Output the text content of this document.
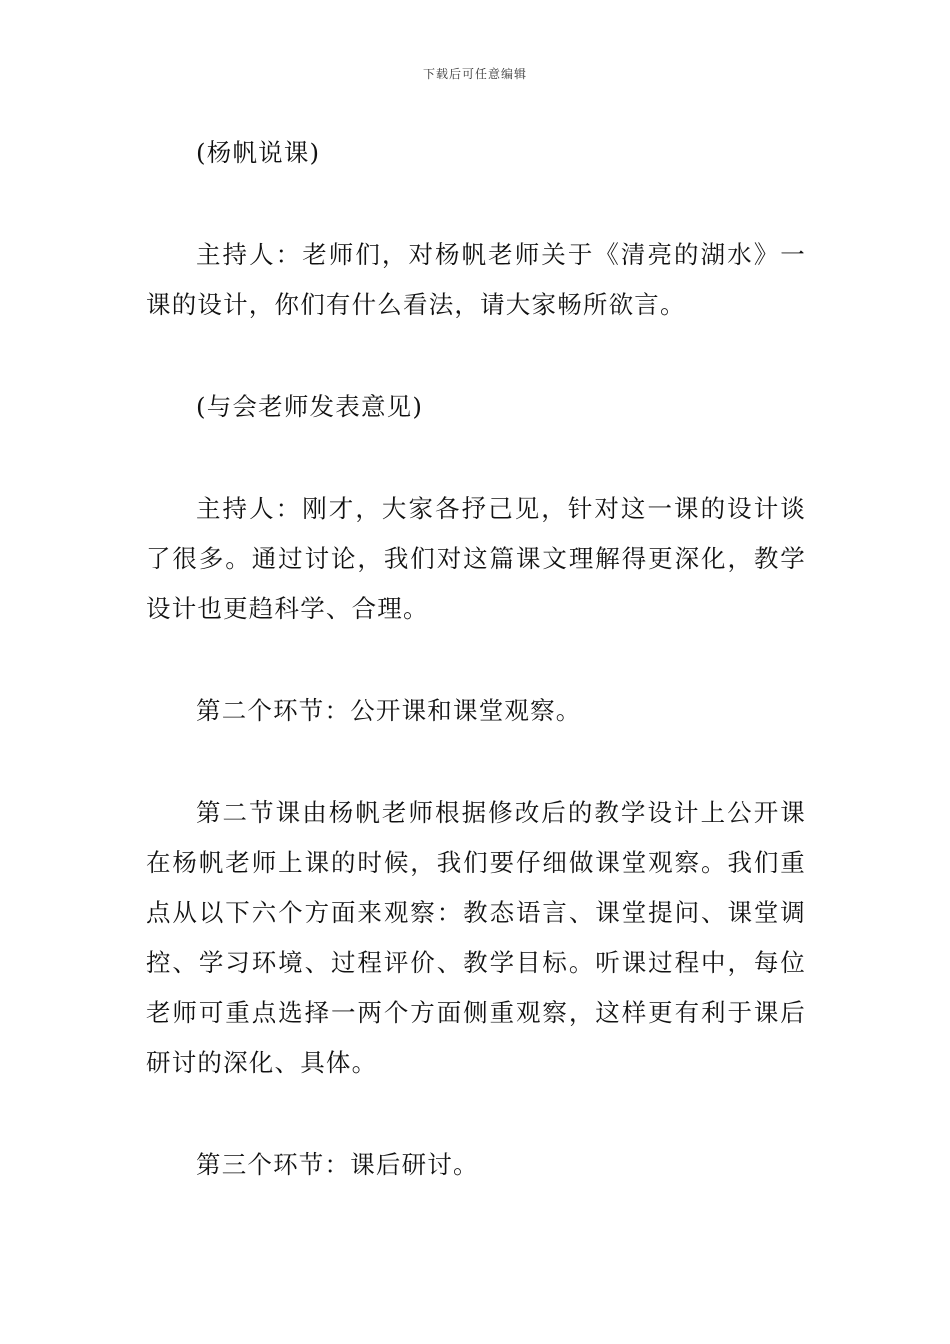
下载后可任意编辑

(杨帆说课)

主持人：老师们，对杨帆老师关于《清亮的湖水》一课的设计，你们有什么看法，请大家畅所欲言。

(与会老师发表意见)

主持人：刚才，大家各抒己见，针对这一课的设计谈了很多。通过讨论，我们对这篇课文理解得更深化，教学设计也更趋科学、合理。

第二个环节：公开课和课堂观察。

第二节课由杨帆老师根据修改后的教学设计上公开课在杨帆老师上课的时候，我们要仔细做课堂观察。我们重点从以下六个方面来观察：教态语言、课堂提问、课堂调控、学习环境、过程评价、教学目标。听课过程中，每位老师可重点选择一两个方面侧重观察，这样更有利于课后研讨的深化、具体。

第三个环节：课后研讨。
